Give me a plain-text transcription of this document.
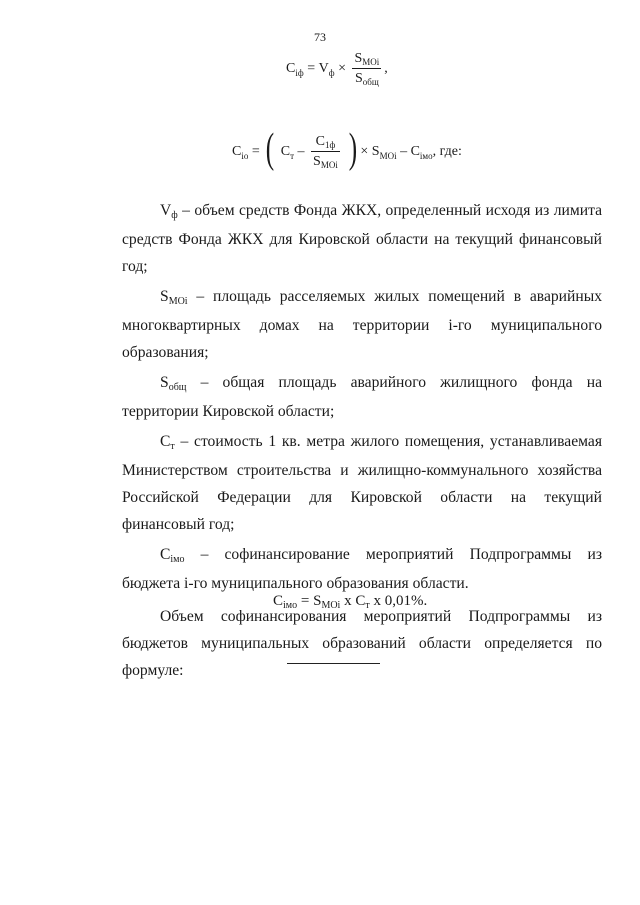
73
$C_{iф} = V_ф \times \frac{S_{MOi}}{S_{общ}}$ ,
$C_{io}$ = ( $C_т - \frac{C_{1ф}}{S_{MOi}}$ ) × $S_{MOi} - C_{iмо}$, где:

Vф – объем средств Фонда ЖКХ, определенный исходя из лимита средств Фонда ЖКХ для Кировской области на текущий финансовый год;

SMOi – площадь расселяемых жилых помещений в аварийных многоквартирных домах на территории i-го муниципального образования;

Sобщ – общая площадь аварийного жилищного фонда на территории Кировской области;

Cт – стоимость 1 кв. метра жилого помещения, устанавливаемая Министерством строительства и жилищно-коммунального хозяйства Российской Федерации для Кировской области на текущий финансовый год;

Ciмо – софинансирование мероприятий Подпрограммы из бюджета i-го муниципального образования области.

Объем софинансирования мероприятий Подпрограммы из бюджетов муниципальных образований области определяется по формуле:

$C_{iмо} = S_{MOi}$ х $C_т$ х 0,01%.
